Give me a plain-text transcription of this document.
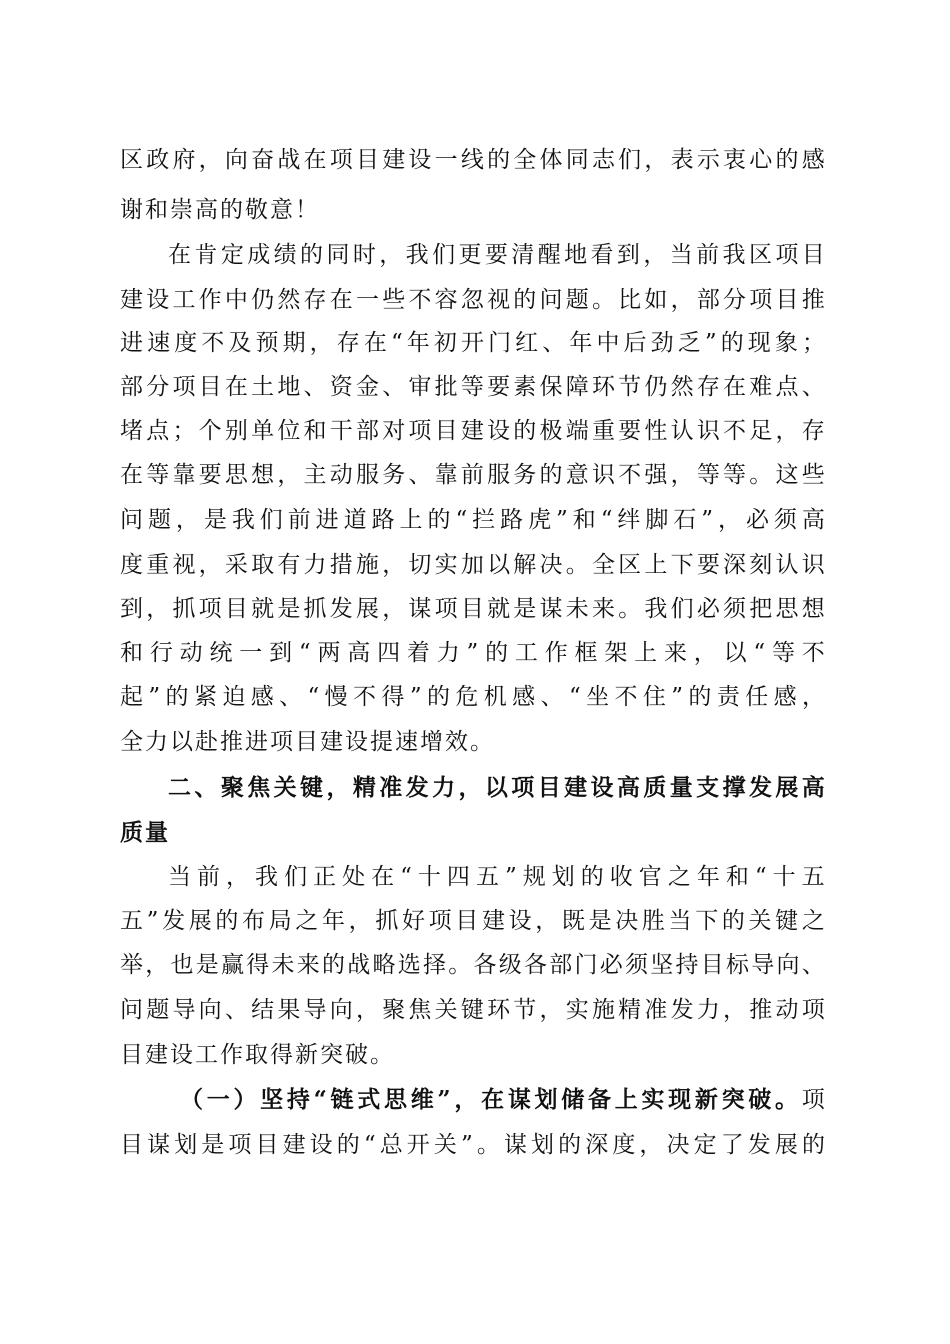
区 政 府 ， 向 奋 战 在 项 目 建 设 一 线 的 全 体 同 志 们 ， 表 示 衷 心 的 感
谢和崇高的敬意！
在 肯 定 成 绩 的 同 时 ， 我 们 更 要 清 醒 地 看 到 ， 当 前 我 区 项 目
建 设 工 作 中 仍 然 存 在 一 些 不 容 忽 视 的 问 题 。 比 如 ， 部 分 项 目 推
进 速 度 不 及 预 期 ， 存 在 “ 年 初 开 门 红 、 年 中 后 劲 乏 ” 的 现 象 ；
部 分 项 目 在 土 地 、 资 金 、 审 批 等 要 素 保 障 环 节 仍 然 存 在 难 点 、
堵 点 ； 个 别 单 位 和 干 部 对 项 目 建 设 的 极 端 重 要 性 认 识 不 足 ， 存
在 等 靠 要 思 想 ， 主 动 服 务 、 靠 前 服 务 的 意 识 不 强 ， 等 等 。 这 些
问 题 ， 是 我 们 前 进 道 路 上 的 “ 拦 路 虎 ” 和 “ 绊 脚 石 ” ， 必 须 高
度 重 视 ， 采 取 有 力 措 施 ， 切 实 加 以 解 决 。 全 区 上 下 要 深 刻 认 识
到 ， 抓 项 目 就 是 抓 发 展 ， 谋 项 目 就 是 谋 未 来 。 我 们 必 须 把 思 想
和 行 动 统 一 到 “ 两 高 四 着 力 ” 的 工 作 框 架 上 来 ， 以 “ 等 不
起 ” 的 紧 迫 感 、 “ 慢 不 得 ” 的 危 机 感 、 “ 坐 不 住 ” 的 责 任 感 ，
全力以赴推进项目建设提速增效。
二 、 聚 焦 关 键 ， 精 准 发 力 ， 以 项 目 建 设 高 质 量 支 撑 发 展 高
质量
当 前 ， 我 们 正 处 在 “ 十 四 五 ” 规 划 的 收 官 之 年 和 “ 十 五
五 ” 发 展 的 布 局 之 年 ， 抓 好 项 目 建 设 ， 既 是 决 胜 当 下 的 关 键 之
举 ， 也 是 赢 得 未 来 的 战 略 选 择 。 各 级 各 部 门 必 须 坚 持 目 标 导 向 、
问 题 导 向 、 结 果 导 向 ， 聚 焦 关 键 环 节 ， 实 施 精 准 发 力 ， 推 动 项
目建设工作取得新突破。
（ 一 ） 坚 持 “ 链 式 思 维 ” ， 在 谋 划 储 备 上 实 现 新 突 破 。 项
目 谋 划 是 项 目 建 设 的 “ 总 开 关 ” 。 谋 划 的 深 度 ， 决 定 了 发 展 的
